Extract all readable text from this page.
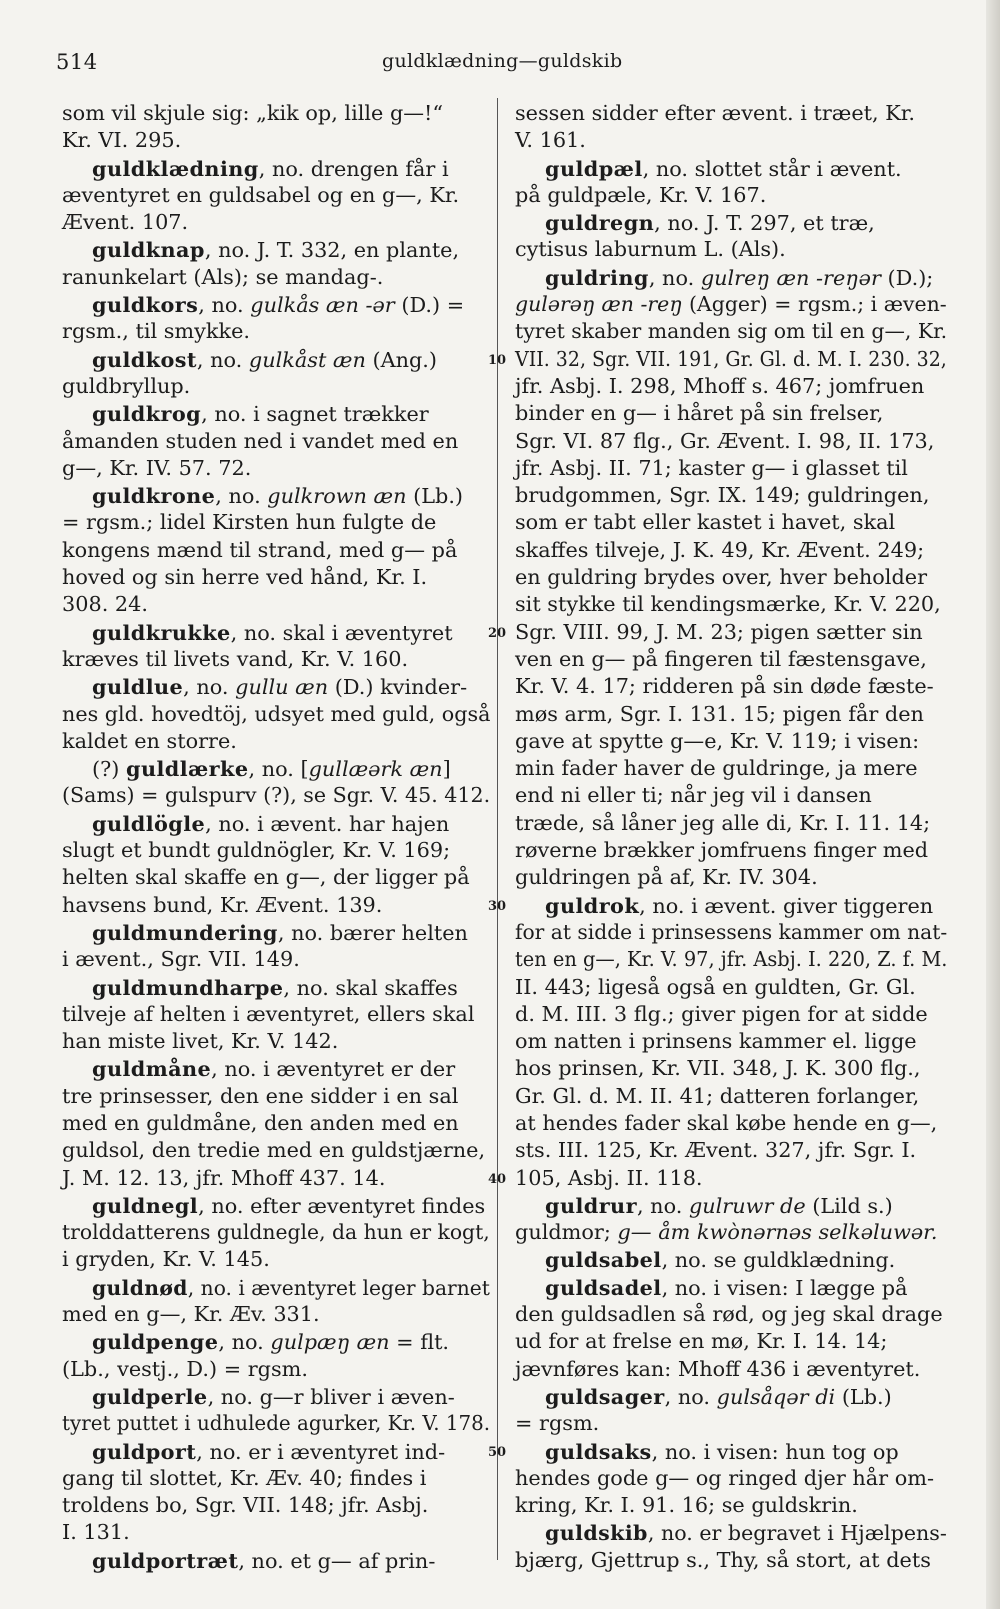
514	guldklædning—guldskib
som vil skjule sig: „kik op, lille g—!“
Kr. VI. 295.
guldklædning, no. drengen får i
æventyret en guldsabel og en g—, Kr.
Ævent. 107.
guldknap, no. J. T. 332, en plante,
ranunkelart (Als); se mandag-.
guldkors, no. gulkås æn -ər (D.) =
rgsm., til smykke.
guldkost, no. gulkåst æn (Ang.)
guldbryllup.
guldkrog, no. i sagnet trækker
åmanden studen ned i vandet med en
g—, Kr. IV. 57. 72.
guldkrone, no. gulkrown æn (Lb.)
= rgsm.; lidel Kirsten hun fulgte de
kongens mænd til strand, med g— på
hoved og sin herre ved hånd, Kr. I.
308. 24.
guldkrukke, no. skal i æventyret
kræves til livets vand, Kr. V. 160.
guldlue, no. gullu æn (D.) kvinder-
nes gld. hovedtöj, udsyet med guld, også
kaldet en storre.
(?) guldlærke, no. [gullæərk æn]
(Sams) = gulspurv (?), se Sgr. V. 45. 412.
guldlögle, no. i ævent. har hajen
slugt et bundt guldnögler, Kr. V. 169;
helten skal skaffe en g—, der ligger på
havsens bund, Kr. Ævent. 139.
guldmundering, no. bærer helten
i ævent., Sgr. VII. 149.
guldmundharpe, no. skal skaffes
tilveje af helten i æventyret, ellers skal
han miste livet, Kr. V. 142.
guldmåne, no. i æventyret er der
tre prinsesser, den ene sidder i en sal
med en guldmåne, den anden med en
guldsol, den tredie med en guldstjærne,
J. M. 12. 13, jfr. Mhoff 437. 14.
guldnegl, no. efter æventyret findes
trolddatterens guldnegle, da hun er kogt,
i gryden, Kr. V. 145.
guldnød, no. i æventyret leger barnet
med en g—, Kr. Æv. 331.
guldpenge, no. gulpæŋ æn = flt.
(Lb., vestj., D.) = rgsm.
guldperle, no. g—r bliver i æven-
tyret puttet i udhulede agurker, Kr. V. 178.
guldport, no. er i æventyret ind-
gang til slottet, Kr. Æv. 40; findes i
troldens bo, Sgr. VII. 148; jfr. Asbj.
I. 131.
guldportræt, no. et g— af prin-
sessen sidder efter ævent. i træet, Kr.
V. 161.
guldpæl, no. slottet står i ævent.
på guldpæle, Kr. V. 167.
guldregn, no. J. T. 297, et træ,
cytisus laburnum L. (Als).
guldring, no. gulreŋ æn -reŋər (D.);
gulərəŋ æn -reŋ (Agger) = rgsm.; i æven-
tyret skaber manden sig om til en g—, Kr.
VII. 32, Sgr. VII. 191, Gr. Gl. d. M. I. 230. 32,
jfr. Asbj. I. 298, Mhoff s. 467; jomfruen
binder en g— i håret på sin frelser,
Sgr. VI. 87 flg., Gr. Ævent. I. 98, II. 173,
jfr. Asbj. II. 71; kaster g— i glasset til
brudgommen, Sgr. IX. 149; guldringen,
som er tabt eller kastet i havet, skal
skaffes tilveje, J. K. 49, Kr. Ævent. 249;
en guldring brydes over, hver beholder
sit stykke til kendingsmærke, Kr. V. 220,
Sgr. VIII. 99, J. M. 23; pigen sætter sin
ven en g— på fingeren til fæstensgave,
Kr. V. 4. 17; ridderen på sin døde fæste-
møs arm, Sgr. I. 131. 15; pigen får den
gave at spytte g—e, Kr. V. 119; i visen:
min fader haver de guldringe, ja mere
end ni eller ti; når jeg vil i dansen
træde, så låner jeg alle di, Kr. I. 11. 14;
røverne brækker jomfruens finger med
guldringen på af, Kr. IV. 304.
guldrok, no. i ævent. giver tiggeren
for at sidde i prinsessens kammer om nat-
ten en g—, Kr. V. 97, jfr. Asbj. I. 220, Z. f. M.
II. 443; ligeså også en guldten, Gr. Gl.
d. M. III. 3 flg.; giver pigen for at sidde
om natten i prinsens kammer el. ligge
hos prinsen, Kr. VII. 348, J. K. 300 flg.,
Gr. Gl. d. M. II. 41; datteren forlanger,
at hendes fader skal købe hende en g—,
sts. III. 125, Kr. Ævent. 327, jfr. Sgr. I.
105, Asbj. II. 118.
guldrur, no. gulruwr de (Lild s.)
guldmor; g— åm kwònərnəs selkəluwər.
guldsabel, no. se guldklædning.
guldsadel, no. i visen: I lægge på
den guldsadlen så rød, og jeg skal drage
ud for at frelse en mø, Kr. I. 14. 14;
jævnføres kan: Mhoff 436 i æventyret.
guldsager, no. gulsåqər di (Lb.)
= rgsm.
guldsaks, no. i visen: hun tog op
hendes gode g— og ringed djer hår om-
kring, Kr. I. 91. 16; se guldskrin.
guldskib, no. er begravet i Hjælpens-
bjærg, Gjettrup s., Thy, så stort, at dets
10
20
30
40
50
